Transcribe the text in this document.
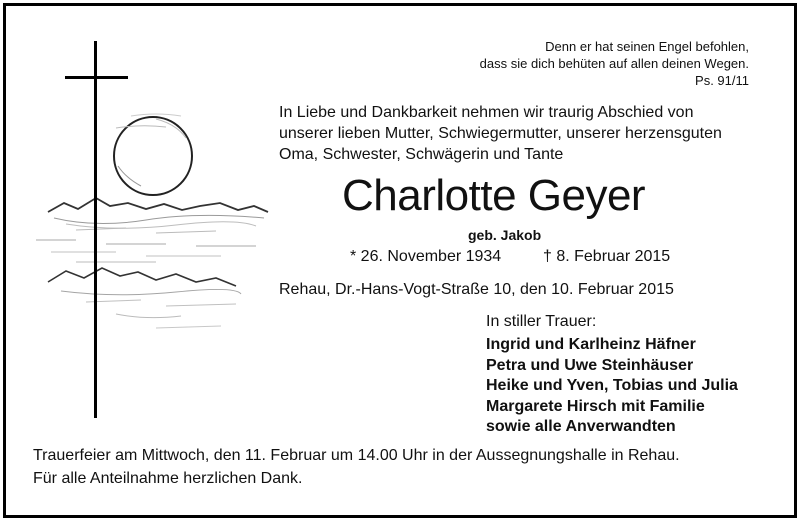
Denn er hat seinen Engel befohlen,
dass sie dich behüten auf allen deinen Wegen.
Ps. 91/11
In Liebe und Dankbarkeit nehmen wir traurig Abschied von
unserer lieben Mutter, Schwiegermutter, unserer herzensguten
Oma, Schwester, Schwägerin und Tante
Charlotte Geyer
geb. Jakob
* 26. November 1934	† 8. Februar 2015
Rehau, Dr.-Hans-Vogt-Straße 10, den 10. Februar 2015
In stiller Trauer:
Ingrid und Karlheinz Häfner
Petra und Uwe Steinhäuser
Heike und Yven, Tobias und Julia
Margarete Hirsch mit Familie
sowie alle Anverwandten
Trauerfeier am Mittwoch, den 11. Februar um 14.00 Uhr in der Aussegnungshalle in Rehau.
Für alle Anteilnahme herzlichen Dank.
